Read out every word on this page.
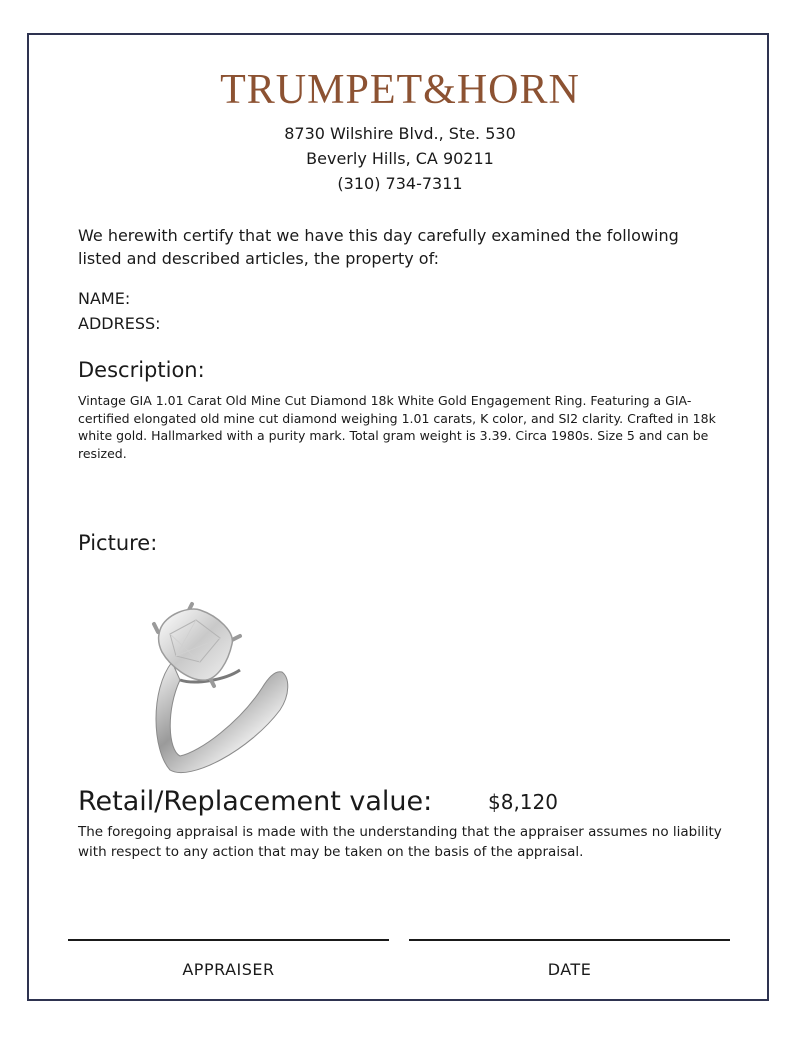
TRUMPET&HORN
8730 Wilshire Blvd., Ste. 530
Beverly Hills, CA 90211
(310) 734-7311
We herewith certify that we have this day carefully examined the following
listed and described articles, the property of:
NAME:
ADDRESS:
Description:
Vintage GIA 1.01 Carat Old Mine Cut Diamond 18k White Gold Engagement Ring. Featuring a GIA-certified elongated old mine cut diamond weighing 1.01 carats, K color, and SI2 clarity. Crafted in 18k white gold. Hallmarked with a purity mark. Total gram weight is 3.39. Circa 1980s. Size 5 and can be resized.
Picture:
Retail/Replacement value:	$8,120
The foregoing appraisal is made with the understanding that the appraiser assumes no liability with respect to any action that may be taken on the basis of the appraisal.
APPRAISER	DATE
